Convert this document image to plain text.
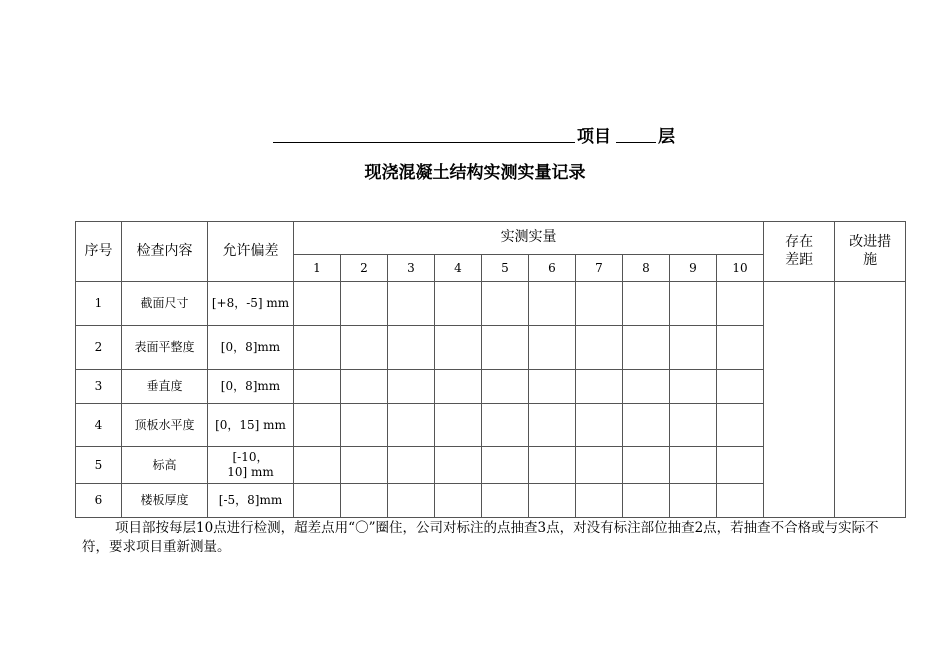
项目	层
现浇混凝土结构实测实量记录
序号	检查内容	允许偏差	实测实量										存在差距	改进措施
			1	2	3	4	5	6	7	8	9	10		
1	截面尺寸	[+8，-5] mm												
2	表面平整度	[0，8]mm												
3	垂直度	[0，8]mm												
4	顶板水平度	[0，15] mm												
5	标高	[-10，10] mm												
6	楼板厚度	[-5，8]mm												
项目部按每层10点进行检测，超差点用“〇”圈住，公司对标注的点抽查3点，对没有标注部位抽查2点，若抽查不合格或与实际不符，要求项目重新测量。
